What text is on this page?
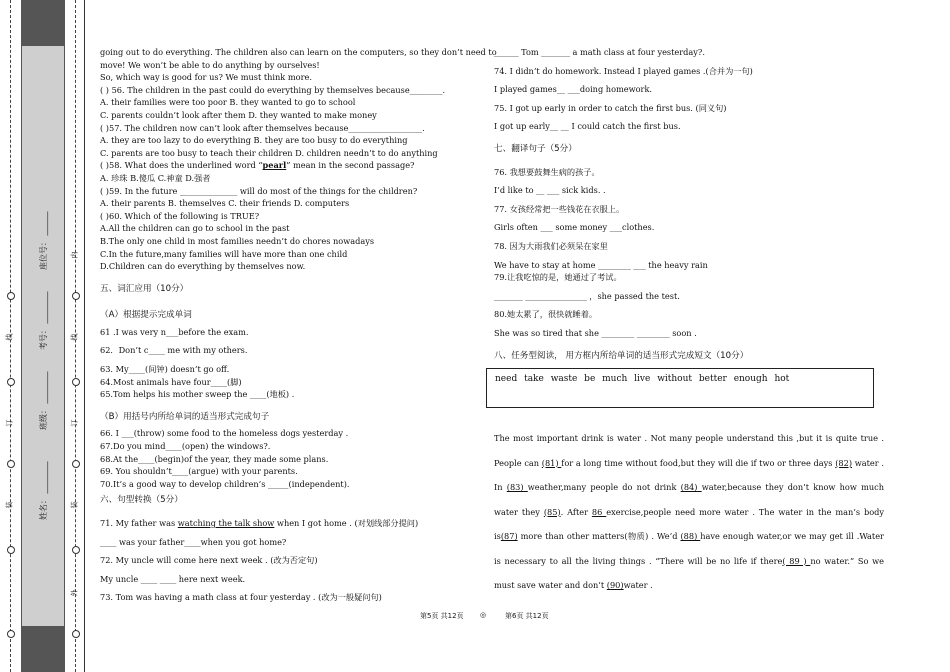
座位号： ______
考号： ________
班级： ________
姓名： ________
线
订
装
内
线
订
装
外

going out to do everything. The children also can learn on the computers, so they don’t need to

move! We won’t be able to do anything by ourselves!

So, which way is good for us? We must think more.

( ) 56. The children in the past could do everything by themselves because________.

A. their families were too poor B. they wanted to go to school

C. parents couldn’t look after them D. they wanted to make money

( )57. The children now can’t look after themselves because__________________.

A. they are too lazy to do everything B. they are too busy to do everything

C. parents are too busy to teach their children D. children needn’t to do anything

( )58. What does the underlined word “pearl” mean in the second passage?

A. 珍珠 B.傻瓜 C.神童 D.强者

( )59. In the future ______________ will do most of the things for the children?

A. their parents B. themselves C. their friends D. computers

( )60. Which of the following is TRUE?

A.All the children can go to school in the past

B.The only one child in most families needn’t do chores nowadays

C.In the future,many families will have more than one child

D.Children can do everything by themselves now.

五、词汇应用（10分）

（A）根据提示完成单词

61 .I was very n___before the exam.

62．Don’t c____ me with my others.

63. My____(间钟) doesn’t go off.

64.Most animals have four____(脚)

65.Tom helps his mother sweep the ____(地板) .

（B）用括号内所给单词的适当形式完成句子

66. I ___(throw) some food to the homeless dogs yesterday .

67.Do you mind____(open) the windows?.

68.At the____(begin)of the year, they made some plans.

69. You shouldn’t____(argue) with your parents.

70.It’s a good way to develop children’s _____(independent).

六、句型转换（5分）

71. My father was watching the talk show when I got home . (对划线部分提问)

____ was your father____when you got home?

72. My uncle will come here next week . (改为否定句)

My uncle ____ ____ here next week.

73. Tom was having a math class at four yesterday . (改为一般疑问句)

______ Tom _______ a math class at four yesterday?.

74. I didn’t do homework. Instead I played games .(合并为一句)

I played games__ ___doing homework.

75. I got up early in order to catch the first bus. (同义句)

I got up early__ __ I could catch the first bus.

七、翻译句子（5分）

76. 我想要鼓舞生病的孩子。

I’d like to __ ___ sick kids. .

77. 女孩经常把一些钱花在衣服上。

Girls often ___ some money ___clothes.

78. 因为大雨我们必须呆在家里

We have to stay at home ________ ___ the heavy rain

79.让我吃惊的是，她通过了考试。

_______ _______________ ，she passed the test.

80.她太累了，很快就睡着。

She was so tired that she ________ ________ soon .

八、任务型阅读， 用方框内所给单词的适当形式完成短文（10分）

need take waste be much live without better enough hot

The most important drink is water . Not many people understand this ,but it is quite true . People can (81) for a long time without food,but they will die if two or three days (82) water . In (83) weather,many people do not drink (84) water,because they don’t know how much water they (85). After 86 exercise,people need more water . The water in the man’s body is(87) more than other matters(物质) . We’d (88) have enough water,or we may get ill .Water is necessary to all the living things . “There will be no life if there( 89 ) no water.” So we must save water and don’t (90)water .

第5页 共12页 ◎	第6页 共12页
